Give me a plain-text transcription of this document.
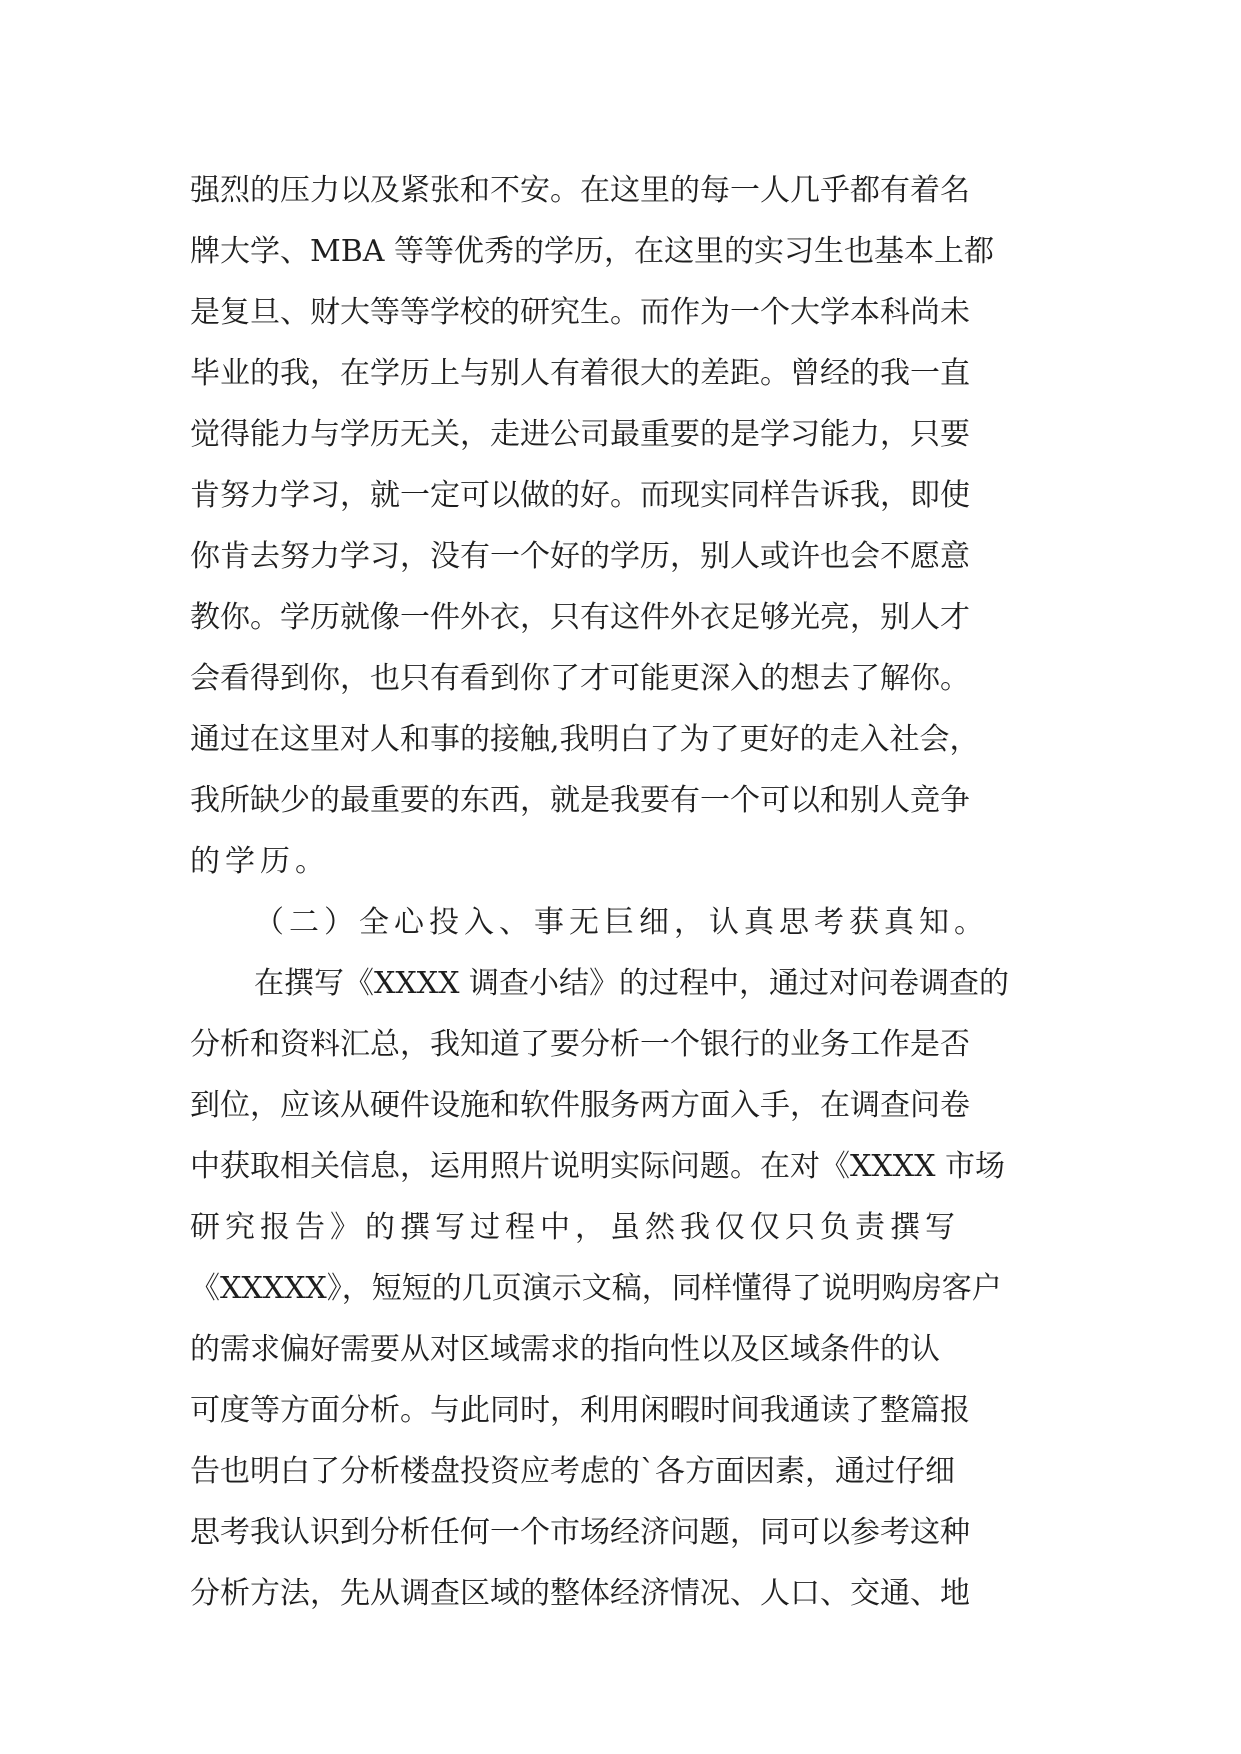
强烈的压力以及紧张和不安。在这里的每一人几乎都有着名
牌大学、MBA 等等优秀的学历，在这里的实习生也基本上都
是复旦、财大等等学校的研究生。而作为一个大学本科尚未
毕业的我，在学历上与别人有着很大的差距。曾经的我一直
觉得能力与学历无关，走进公司最重要的是学习能力，只要
肯努力学习，就一定可以做的好。而现实同样告诉我，即使
你肯去努力学习，没有一个好的学历，别人或许也会不愿意
教你。学历就像一件外衣，只有这件外衣足够光亮，别人才
会看得到你，也只有看到你了才可能更深入的想去了解你。
通过在这里对人和事的接触,我明白了为了更好的走入社会，
我所缺少的最重要的东西，就是我要有一个可以和别人竞争
的学历。
（二）全心投入、事无巨细，认真思考获真知。
在撰写《XXXX 调查小结》的过程中，通过对问卷调查的
分析和资料汇总，我知道了要分析一个银行的业务工作是否
到位，应该从硬件设施和软件服务两方面入手，在调查问卷
中获取相关信息，运用照片说明实际问题。在对《XXXX 市场
研究报告》的撰写过程中，虽然我仅仅只负责撰写
《XXXXX》，短短的几页演示文稿，同样懂得了说明购房客户
的需求偏好需要从对区域需求的指向性以及区域条件的认
可度等方面分析。与此同时，利用闲暇时间我通读了整篇报
告也明白了分析楼盘投资应考虑的`各方面因素，通过仔细
思考我认识到分析任何一个市场经济问题，同可以参考这种
分析方法，先从调查区域的整体经济情况、人口、交通、地
